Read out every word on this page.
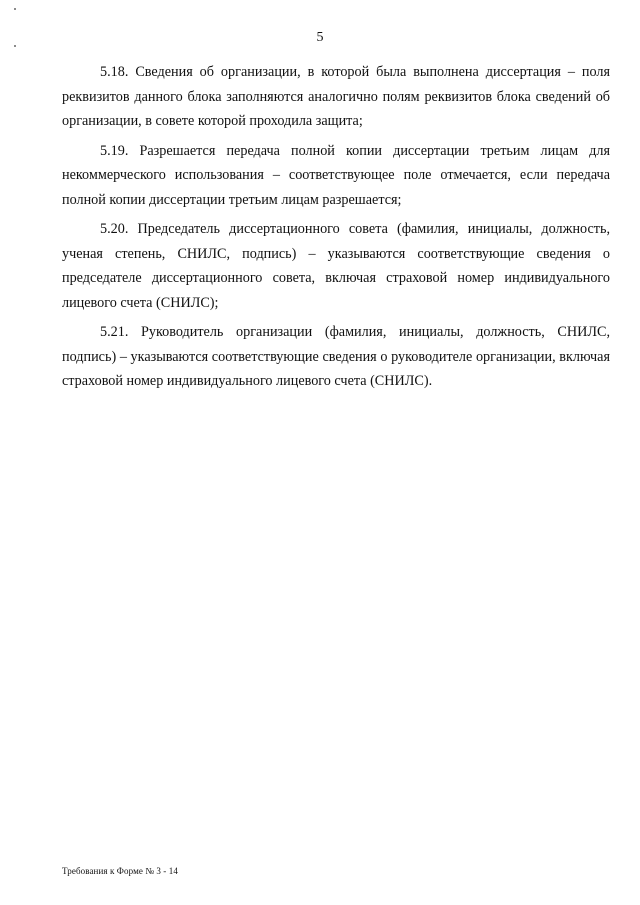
5

5.18. Сведения об организации, в которой была выполнена диссертация – поля реквизитов данного блока заполняются аналогично полям реквизитов блока сведений об организации, в совете которой проходила защита;

5.19. Разрешается передача полной копии диссертации третьим лицам для некоммерческого использования – соответствующее поле отмечается, если передача полной копии диссертации третьим лицам разрешается;

5.20. Председатель диссертационного совета (фамилия, инициалы, должность, ученая степень, СНИЛС, подпись) – указываются соответствующие сведения о председателе диссертационного совета, включая страховой номер индивидуального лицевого счета (СНИЛС);

5.21. Руководитель организации (фамилия, инициалы, должность, СНИЛС, подпись) – указываются соответствующие сведения о руководителе организации, включая страховой номер индивидуального лицевого счета (СНИЛС).

Требования к Форме № 3 - 14
